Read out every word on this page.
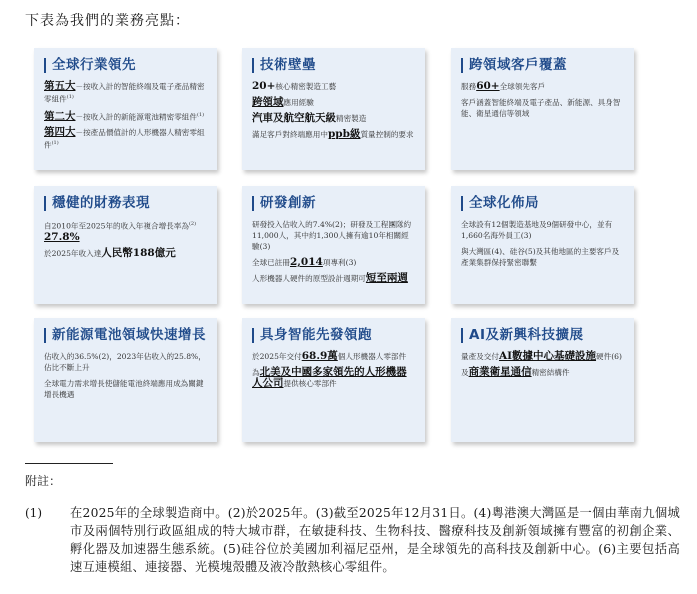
下表為我們的業務亮點：
全球行業領先

第五大－按收入計的智能終端及電子產品精密零組件$^{(1)}$

第二大－按收入計的新能源電池精密零組件$^{(1)}$

第四大－按產品價值計的人形機器人精密零組件$^{(1)}$

技術壁壘

20+核心精密製造工藝

跨領域應用經驗

汽車及航空航天級精密製造

滿足客戶對終端應用中ppb級質量控制的要求

跨領域客戶覆蓋

服務60+全球領先客戶

客戶涵蓋智能終端及電子產品、新能源、具身智能、衛星通信等領域

穩健的財務表現

自2010年至2025年的收入年複合增長率為$^{(2)}$
27.8%

於2025年收入達人民幣188億元

研發創新

研發投入佔收入的7.4%(2)；研發及工程團隊約11,000人，其中約1,300人擁有逾10年相關經驗(3)

全球已註冊2,014項專利(3)

人形機器人硬件的原型設計週期可短至兩週

全球化佈局

全球設有12個製造基地及9個研發中心，並有1,660名海外員工(3)

與大灣區(4)、硅谷(5)及其他地區的主要客戶及產業集群保持緊密聯繫

新能源電池領域快速增長

佔收入的36.5%(2)，2023年佔收入的25.8%，佔比不斷上升

全球電力需求增長使儲能電池終端應用成為關鍵增長機遇

具身智能先發領跑

於2025年交付68.9萬個人形機器人零部件

為北美及中國多家領先的人形機器人公司提供核心零部件

AI及新興科技擴展

量產及交付AI數據中心基礎設施硬件(6)

及商業衛星通信精密結構件

附註：
(1) 在2025年的全球製造商中。(2)於2025年。(3)截至2025年12月31日。(4)粵港澳大灣區是一個由華南九個城市及兩個特別行政區組成的特大城市群，在敏捷科技、生物科技、醫療科技及創新領域擁有豐富的初創企業、孵化器及加速器生態系統。(5)硅谷位於美國加利福尼亞州，是全球領先的高科技及創新中心。(6)主要包括高速互連模組、連接器、光模塊殼體及液冷散熱核心零組件。
